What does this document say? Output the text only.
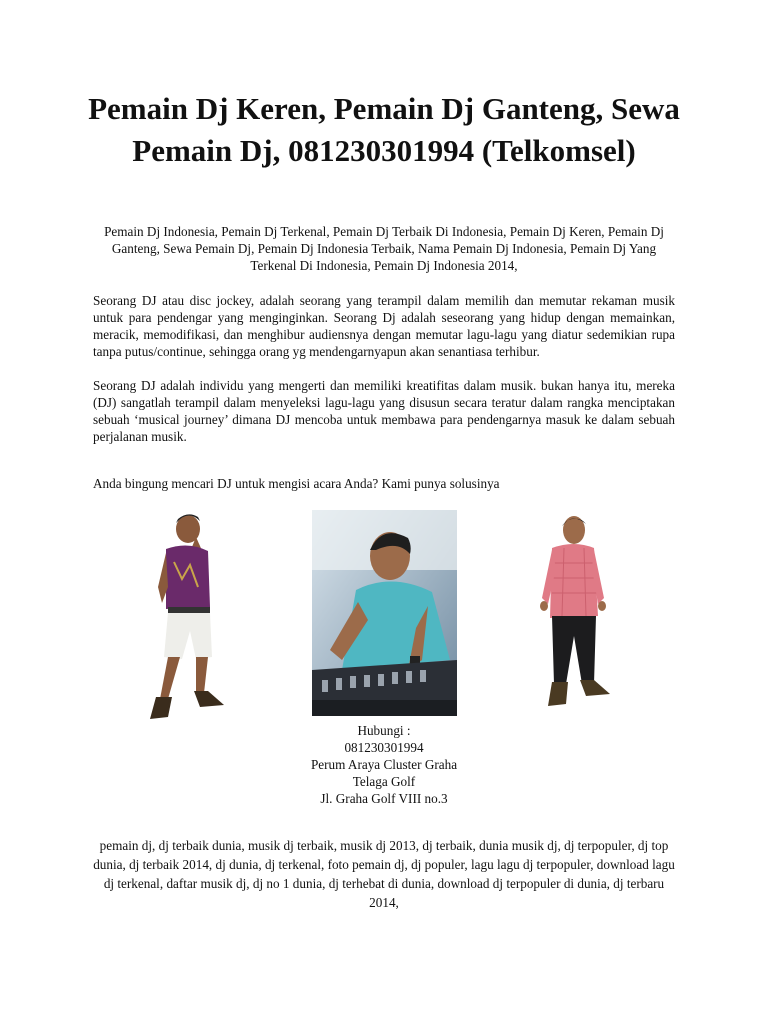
Pemain Dj Keren, Pemain Dj Ganteng, Sewa Pemain Dj, 081230301994 (Telkomsel)

Pemain Dj Indonesia, Pemain Dj Terkenal, Pemain Dj Terbaik Di Indonesia, Pemain Dj Keren, Pemain Dj Ganteng, Sewa Pemain Dj, Pemain Dj Indonesia Terbaik, Nama Pemain Dj Indonesia, Pemain Dj Yang Terkenal Di Indonesia, Pemain Dj Indonesia 2014,

Seorang DJ atau disc jockey, adalah seorang yang terampil dalam memilih dan memutar rekaman musik untuk para pendengar yang menginginkan. Seorang Dj adalah seseorang yang hidup dengan memainkan, meracik, memodifikasi, dan menghibur audiensnya dengan memutar lagu-lagu yang diatur sedemikian rupa tanpa putus/continue, sehingga orang yg mendengarnyapun akan senantiasa terhibur.

Seorang DJ adalah individu yang mengerti dan memiliki kreatifitas dalam musik. bukan hanya itu, mereka (DJ) sangatlah terampil dalam menyeleksi lagu-lagu yang disusun secara teratur dalam rangka menciptakan sebuah ‘musical journey’ dimana DJ mencoba untuk membawa para pendengarnya masuk ke dalam sebuah perjalanan musik.

Anda bingung mencari DJ untuk mengisi acara Anda? Kami punya solusinya

Hubungi :
081230301994
Perum Araya Cluster Graha
Telaga Golf
Jl. Graha Golf VIII no.3

pemain dj, dj terbaik dunia, musik dj terbaik, musik dj 2013, dj terbaik, dunia musik dj, dj terpopuler, dj top dunia, dj terbaik 2014, dj dunia, dj terkenal, foto pemain dj, dj populer, lagu lagu dj terpopuler, download lagu dj terkenal, daftar musik dj, dj no 1 dunia, dj terhebat di dunia, download dj terpopuler di dunia, dj terbaru 2014,
